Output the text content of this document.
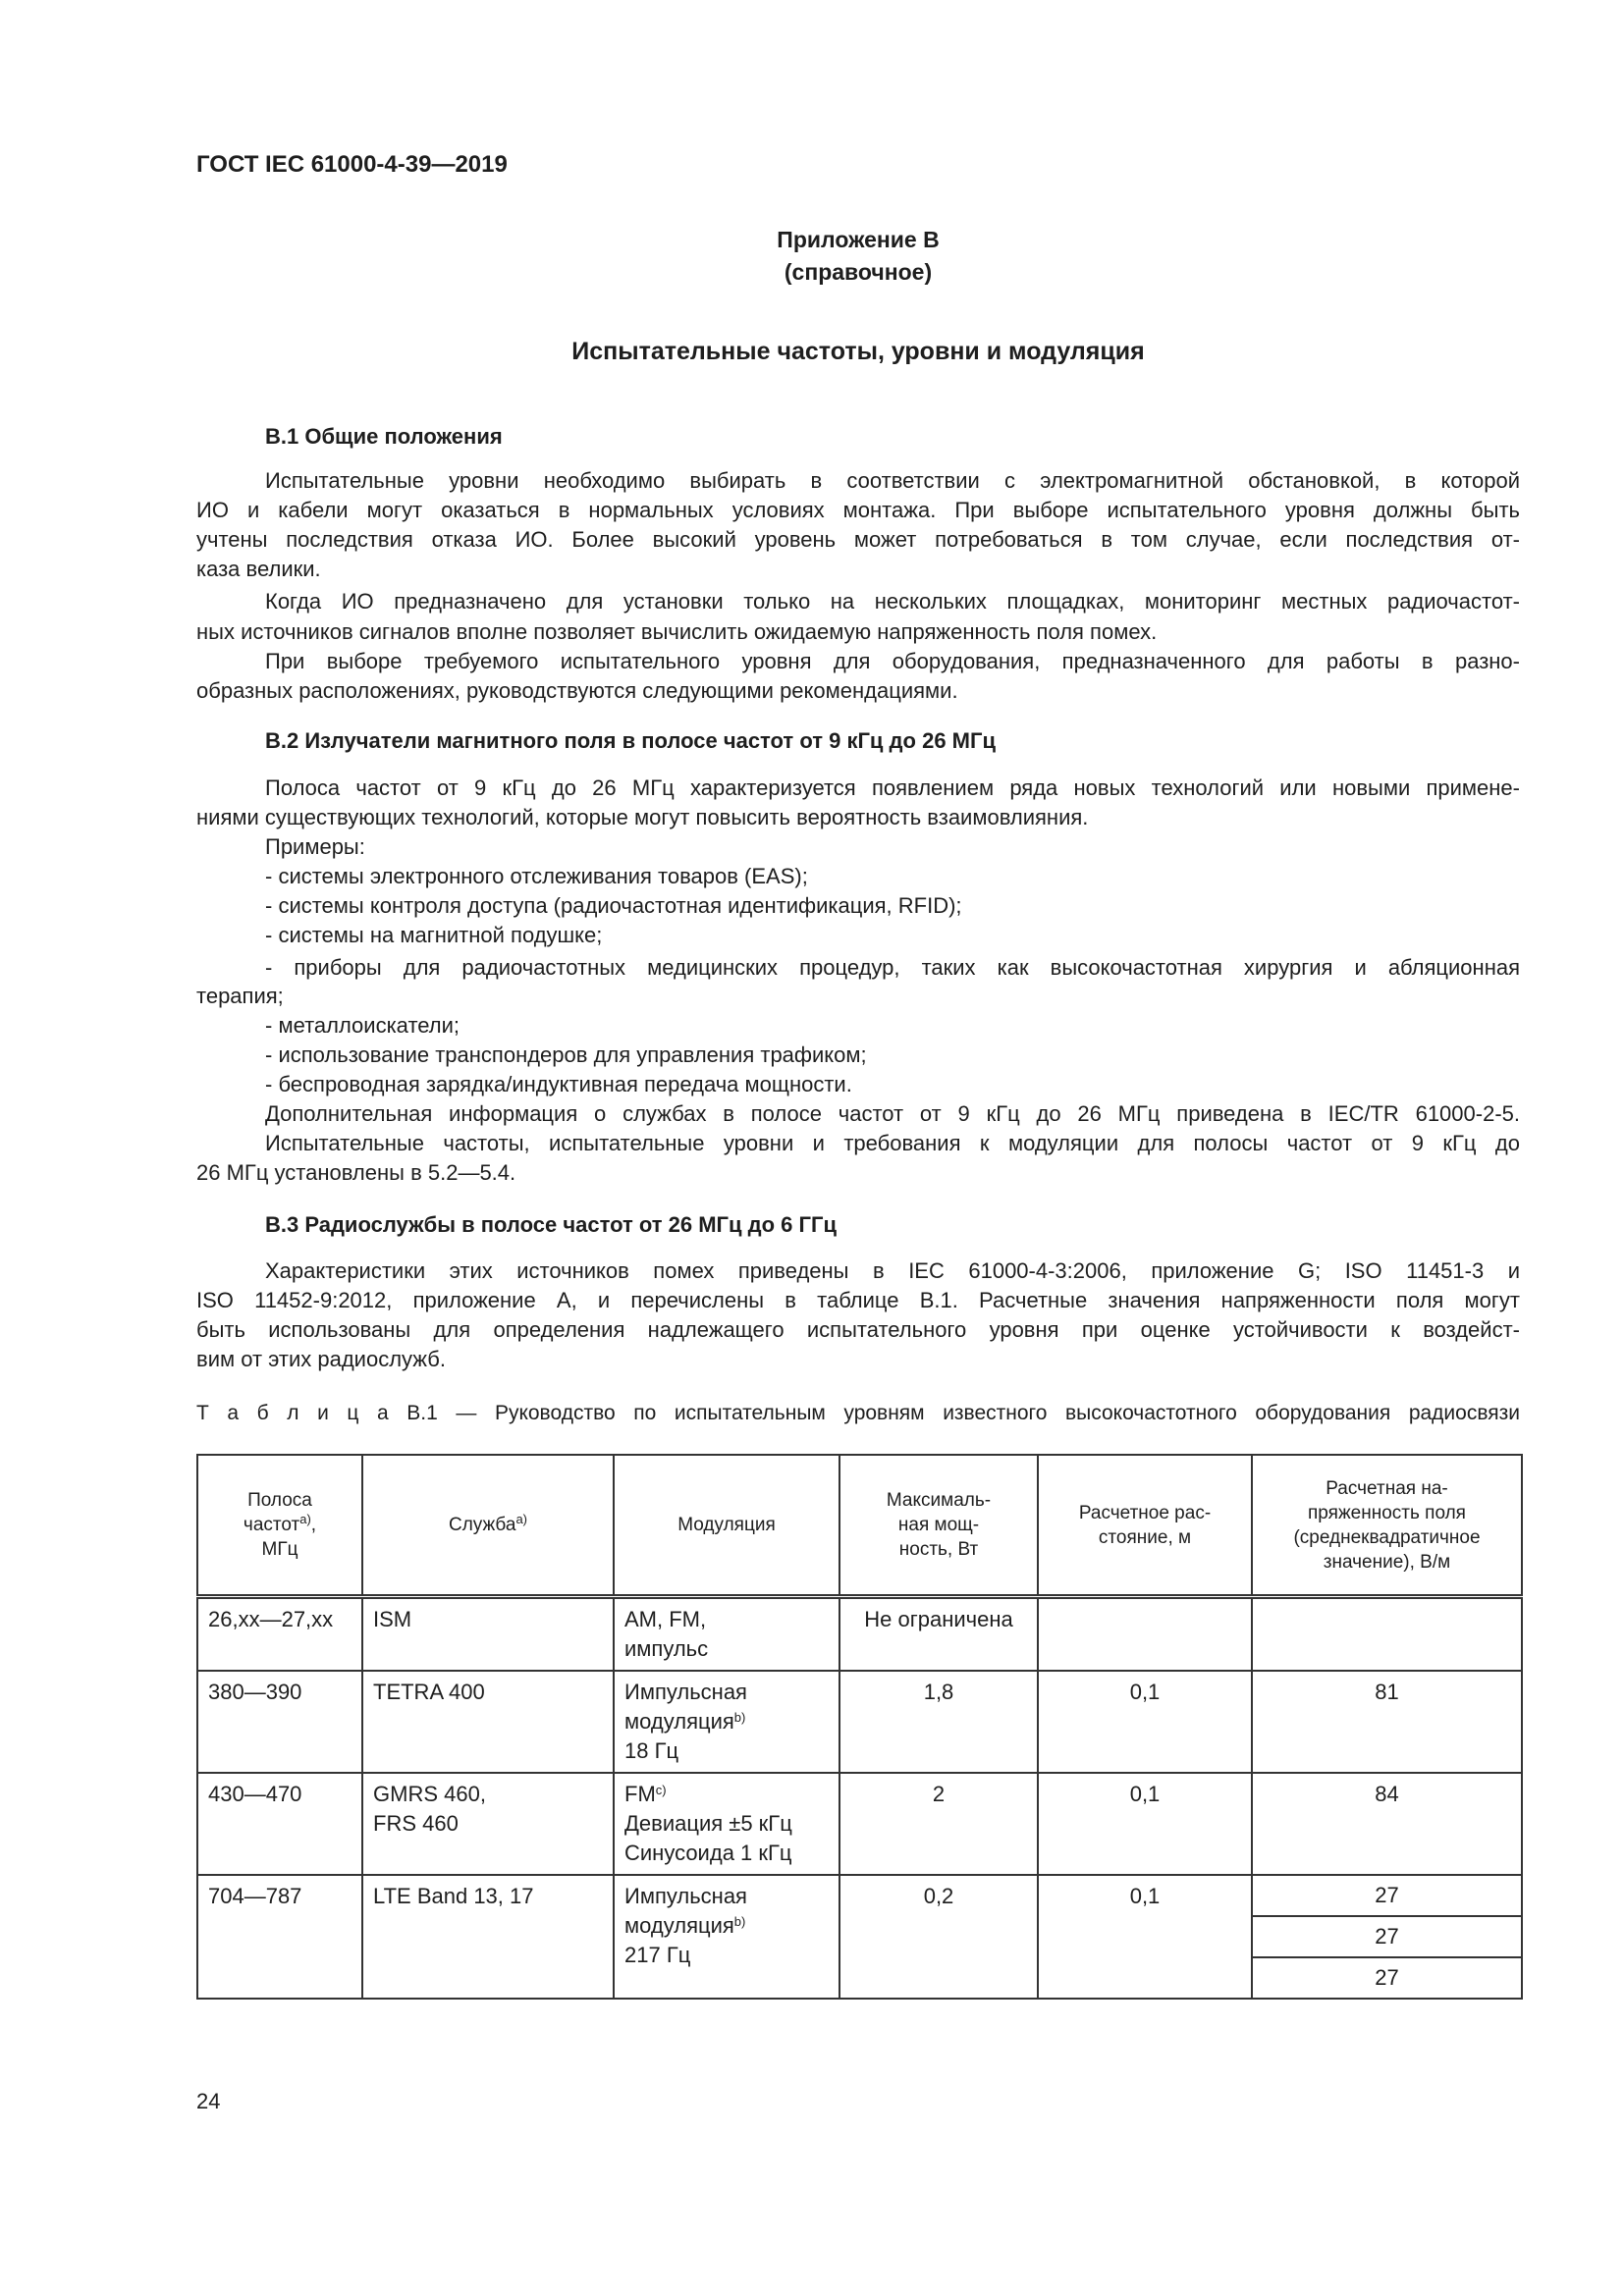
ГОСТ IEC 61000-4-39—2019
Приложение В
(справочное)
Испытательные частоты, уровни и модуляция
В.1 Общие положения
Испытательные уровни необходимо выбирать в соответствии с электромагнитной обстановкой, в которой
ИО и кабели могут оказаться в нормальных условиях монтажа. При выборе испытательного уровня должны быть
учтены последствия отказа ИО. Более высокий уровень может потребоваться в том случае, если последствия от-
каза велики.
Когда ИО предназначено для установки только на нескольких площадках, мониторинг местных радиочастот-
ных источников сигналов вполне позволяет вычислить ожидаемую напряженность поля помех.
При выборе требуемого испытательного уровня для оборудования, предназначенного для работы в разно-
образных расположениях, руководствуются следующими рекомендациями.
В.2 Излучатели магнитного поля в полосе частот от 9 кГц до 26 МГц
Полоса частот от 9 кГц до 26 МГц характеризуется появлением ряда новых технологий или новыми примене-
ниями существующих технологий, которые могут повысить вероятность взаимовлияния.
Примеры:
- системы электронного отслеживания товаров (EAS);
- системы контроля доступа (радиочастотная идентификация, RFID);
- системы на магнитной подушке;
- приборы для радиочастотных медицинских процедур, таких как высокочастотная хирургия и абляционная
терапия;
- металлоискатели;
- использование транспондеров для управления трафиком;
- беспроводная зарядка/индуктивная передача мощности.
Дополнительная информация о службах в полосе частот от 9 кГц до 26 МГц приведена в IEC/TR 61000-2-5.
Испытательные частоты, испытательные уровни и требования к модуляции для полосы частот от 9 кГц до
26 МГц установлены в 5.2—5.4.
В.3 Радиослужбы в полосе частот от 26 МГц до 6 ГГц
Характеристики этих источников помех приведены в IEC 61000-4-3:2006, приложение G; ISO 11451-3 и
ISO 11452-9:2012, приложение А, и перечислены в таблице В.1. Расчетные значения напряженности поля могут
быть использованы для определения надлежащего испытательного уровня при оценке устойчивости к воздейст-
вим от этих радиослужб.
Т а б л и ц а В.1 — Руководство по испытательным уровням известного высокочастотного оборудования радиосвязи
Полоса
частот$^{а)}$,
МГц	Служба$^{а)}$	Модуляция	Максималь-
ная мощ-
ность, Вт	Расчетное рас-
стояние, м	Расчетная на-
пряженность поля
(среднеквадратичное
значение), В/м
26,xx—27,xx	ISM	AM, FM,
импульс	Не ограничена		
380—390	TETRA 400	Импульсная
модуляция$^{b)}$
18 Гц	1,8	0,1	81
430—470	GMRS 460,
FRS 460	FM$^{c)}$
Девиация ±5 кГц
Синусоида 1 кГц	2	0,1	84
704—787	LTE Band 13, 17	Импульсная
модуляция$^{b)}$
217 Гц	0,2	0,1	27
					27
					27
24
